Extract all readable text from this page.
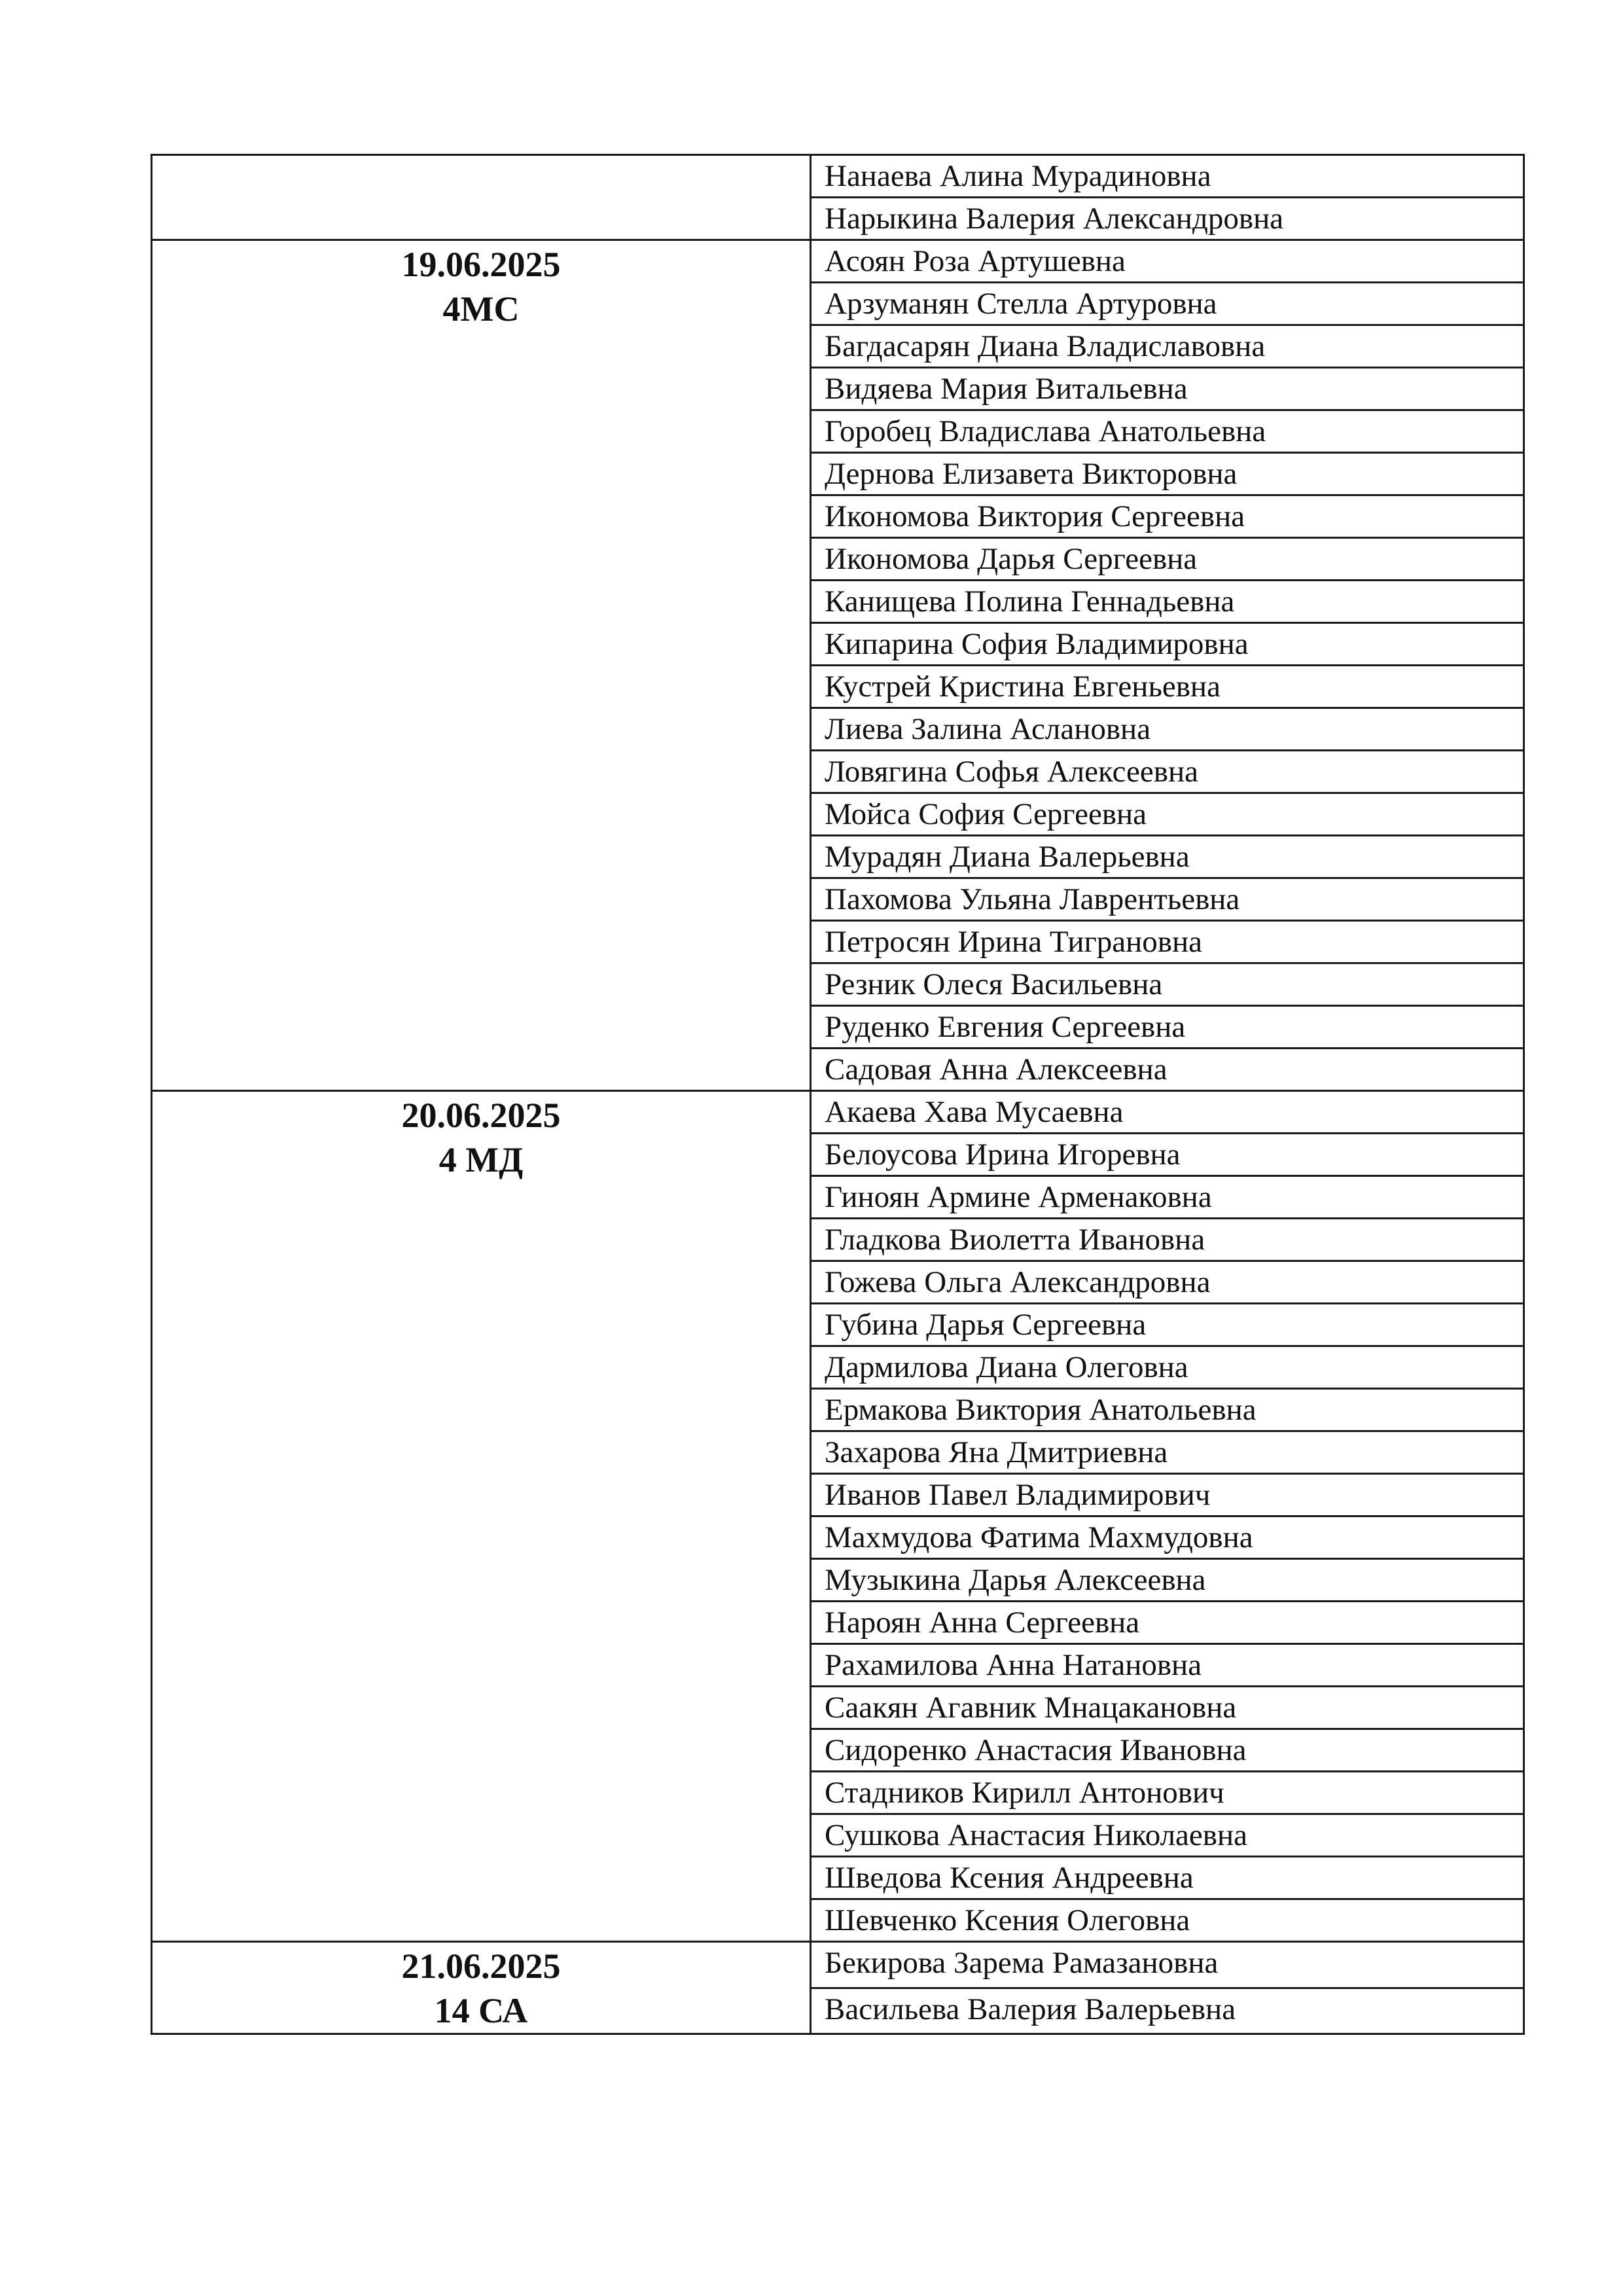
	Нанаева Алина Мурадиновна
	Нарыкина Валерия Александровна

19.06.2025
4МС	Асоян Роза Артушевна
	Арзуманян Стелла Артуровна
	Багдасарян Диана Владиславовна
	Видяева Мария Витальевна
	Горобец Владислава Анатольевна
	Дернова Елизавета Викторовна
	Икономова Виктория Сергеевна
	Икономова Дарья Сергеевна
	Канищева Полина Геннадьевна
	Кипарина София Владимировна
	Кустрей Кристина Евгеньевна
	Лиева Залина Аслановна
	Ловягина Софья Алексеевна
	Мойса София Сергеевна
	Мурадян Диана Валерьевна
	Пахомова Ульяна Лаврентьевна
	Петросян Ирина Тиграновна
	Резник Олеся Васильевна
	Руденко Евгения Сергеевна
	Садовая Анна Алексеевна

20.06.2025
4 МД	Акаева Хава Мусаевна
	Белоусова Ирина Игоревна
	Гиноян Армине Арменаковна
	Гладкова Виолетта Ивановна
	Гожева Ольга Александровна
	Губина Дарья Сергеевна
	Дармилова Диана Олеговна
	Ермакова Виктория Анатольевна
	Захарова Яна Дмитриевна
	Иванов Павел Владимирович
	Махмудова Фатима Махмудовна
	Музыкина Дарья Алексеевна
	Нароян Анна Сергеевна
	Рахамилова Анна Натановна
	Саакян Агавник Мнацакановна
	Сидоренко Анастасия Ивановна
	Стадников Кирилл Антонович
	Сушкова Анастасия Николаевна
	Шведова Ксения Андреевна
	Шевченко Ксения Олеговна

21.06.2025
14 СА	Бекирова Зарема Рамазановна
	Васильева Валерия Валерьевна
